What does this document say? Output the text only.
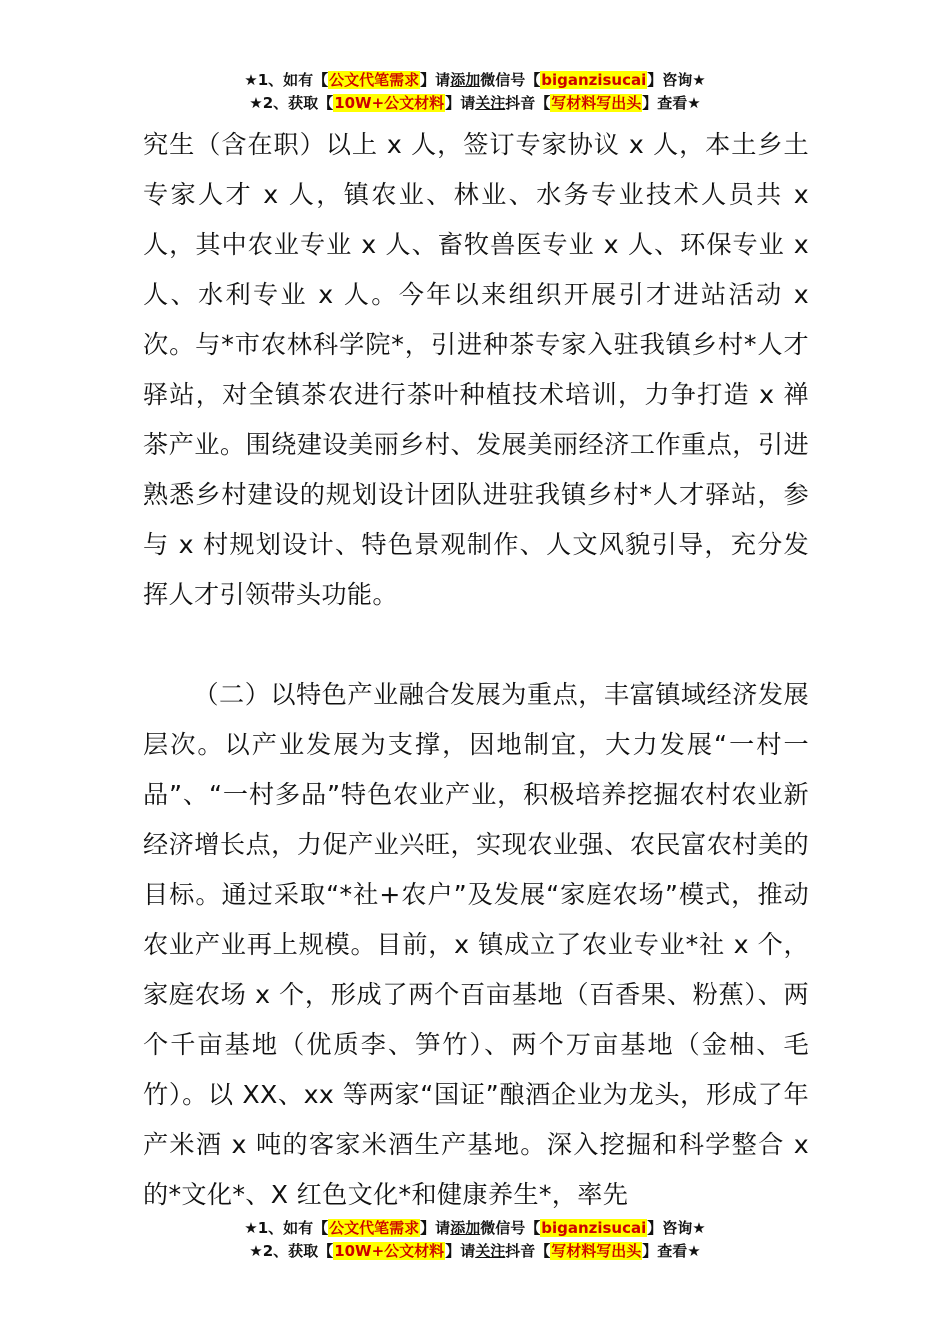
★1、如有【公文代笔需求】请添加微信号【biganzisucai】咨询★
★2、获取【10W+公文材料】请关注抖音【写材料写出头】查看★

究生（含在职）以上 x 人，签订专家协议 x 人，本土乡土专家人才 x 人，镇农业、林业、水务专业技术人员共 x 人，其中农业专业 x 人、畜牧兽医专业 x 人、环保专业 x 人、水利专业 x 人。今年以来组织开展引才进站活动 x 次。与*市农林科学院*，引进种茶专家入驻我镇乡村*人才驿站，对全镇茶农进行茶叶种植技术培训，力争打造 x 禅茶产业。围绕建设美丽乡村、发展美丽经济工作重点，引进熟悉乡村建设的规划设计团队进驻我镇乡村*人才驿站，参与 x 村规划设计、特色景观制作、人文风貌引导，充分发挥人才引领带头功能。

（二）以特色产业融合发展为重点，丰富镇域经济发展层次。以产业发展为支撑，因地制宜，大力发展“一村一品”、“一村多品”特色农业产业，积极培养挖掘农村农业新经济增长点，力促产业兴旺，实现农业强、农民富农村美的目标。通过采取“*社+农户”及发展“家庭农场”模式，推动农业产业再上规模。目前，x 镇成立了农业专业*社 x 个，家庭农场 x 个，形成了两个百亩基地（百香果、粉蕉）、两个千亩基地（优质李、笋竹）、两个万亩基地（金柚、毛竹）。以 XX、xx 等两家“国证”酿酒企业为龙头，形成了年产米酒 x 吨的客家米酒生产基地。深入挖掘和科学整合 x 的*文化*、X 红色文化*和健康养生*，率先

★1、如有【公文代笔需求】请添加微信号【biganzisucai】咨询★
★2、获取【10W+公文材料】请关注抖音【写材料写出头】查看★
